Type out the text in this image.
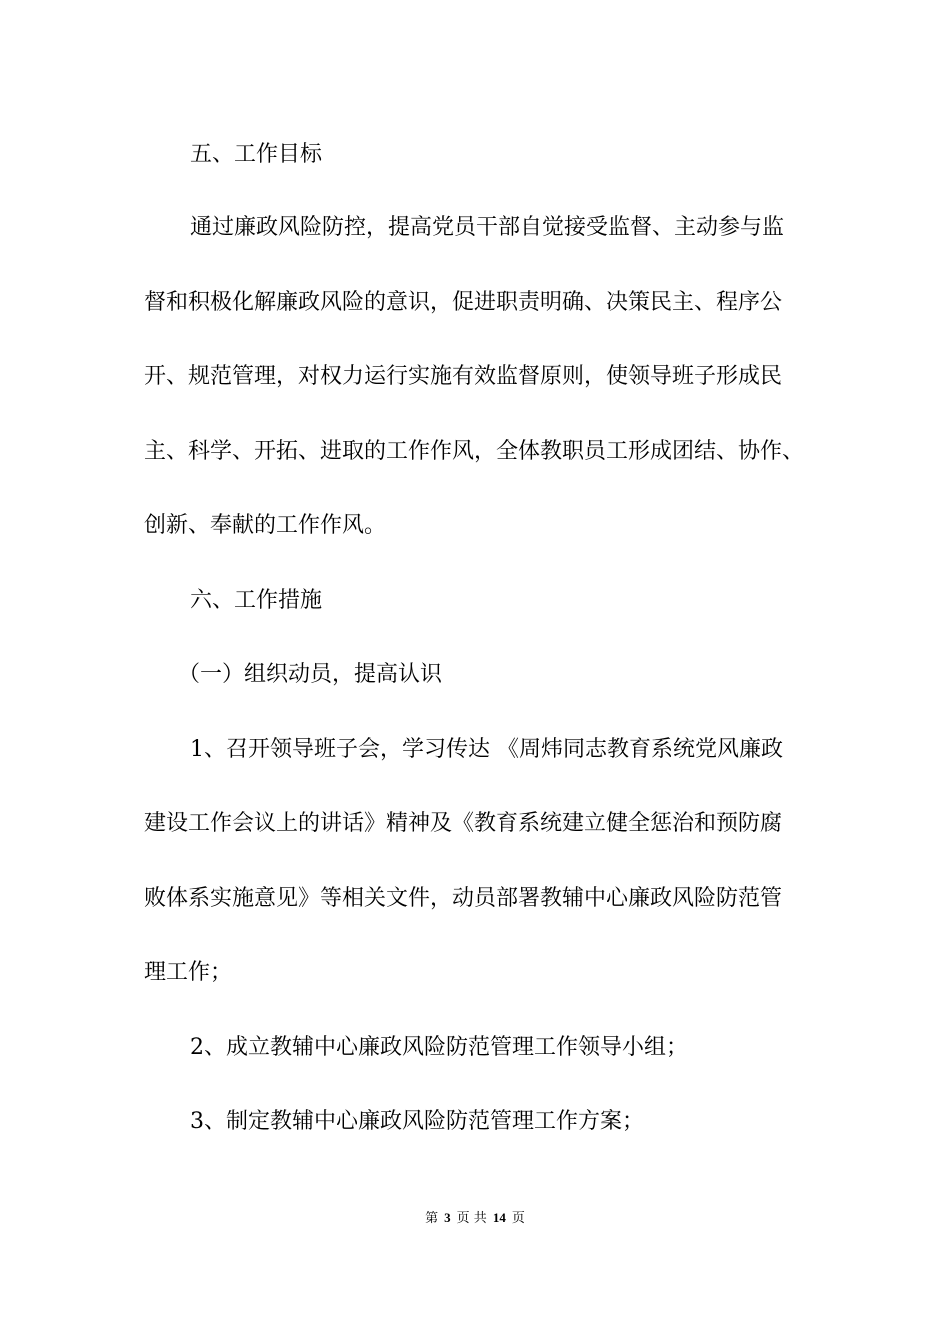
五、工作目标
通过廉政风险防控，提高党员干部自觉接受监督、主动参与监
督和积极化解廉政风险的意识，促进职责明确、决策民主、程序公
开、规范管理，对权力运行实施有效监督原则，使领导班子形成民
主、科学、开拓、进取的工作作风，全体教职员工形成团结、协作、
创新、奉献的工作作风。
六、工作措施
（一）组织动员，提高认识
1、召开领导班子会，学习传达 《周炜同志教育系统党风廉政
建设工作会议上的讲话》精神及《教育系统建立健全惩治和预防腐
败体系实施意见》等相关文件，动员部署教辅中心廉政风险防范管
理工作；
2、成立教辅中心廉政风险防范管理工作领导小组；
3、制定教辅中心廉政风险防范管理工作方案；
第 3 页 共 14 页
